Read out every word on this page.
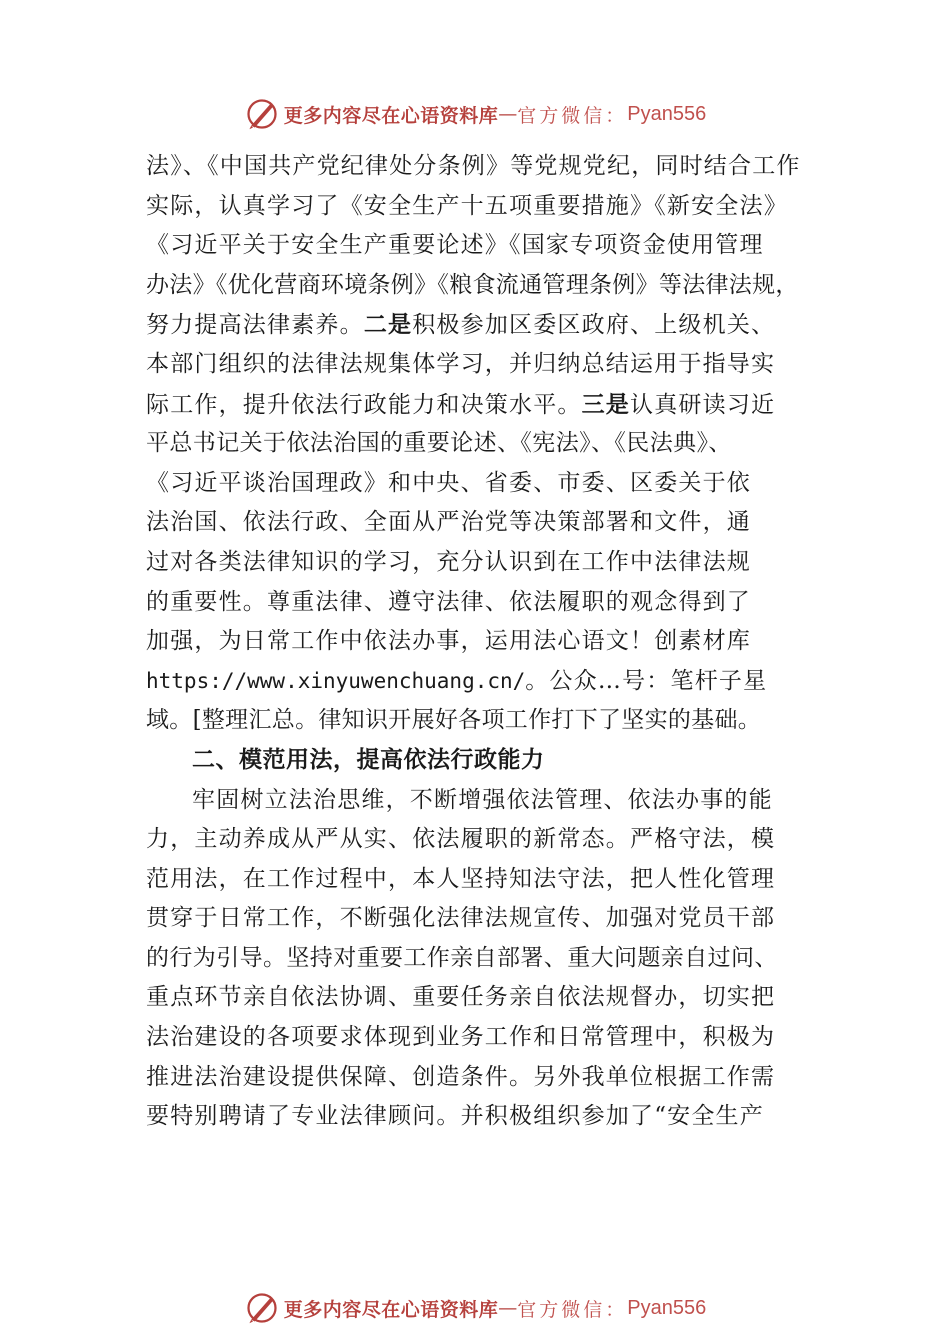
更多内容尽在心语资料库 — 官方微信： Pyan556
法》、《中国共产党纪律处分条例》等党规党纪，同时结合工作
实际，认真学习了《安全生产十五项重要措施》《新安全法》
《习近平关于安全生产重要论述》《国家专项资金使用管理
办法》《优化营商环境条例》《粮食流通管理条例》等法律法规，
努力提高法律素养。二是积极参加区委区政府、上级机关、
本部门组织的法律法规集体学习，并归纳总结运用于指导实
际工作，提升依法行政能力和决策水平。三是认真研读习近
平总书记关于依法治国的重要论述、《宪法》、《民法典》、
《习近平谈治国理政》和中央、省委、市委、区委关于依
法治国、依法行政、全面从严治党等决策部署和文件，通
过对各类法律知识的学习，充分认识到在工作中法律法规
的重要性。尊重法律、遵守法律、依法履职的观念得到了
加强，为日常工作中依法办事，运用法心语文！创素材库
https://www.xinyuwenchuang.cn/。公众…号：笔杆子星
域。[整理汇总。律知识开展好各项工作打下了坚实的基础。
二、模范用法，提高依法行政能力
牢固树立法治思维，不断增强依法管理、依法办事的能
力，主动养成从严从实、依法履职的新常态。严格守法，模
范用法，在工作过程中，本人坚持知法守法，把人性化管理
贯穿于日常工作，不断强化法律法规宣传、加强对党员干部
的行为引导。坚持对重要工作亲自部署、重大问题亲自过问、
重点环节亲自依法协调、重要任务亲自依法规督办，切实把
法治建设的各项要求体现到业务工作和日常管理中，积极为
推进法治建设提供保障、创造条件。另外我单位根据工作需
要特别聘请了专业法律顾问。并积极组织参加了“安全生产
更多内容尽在心语资料库 — 官方微信： Pyan556
